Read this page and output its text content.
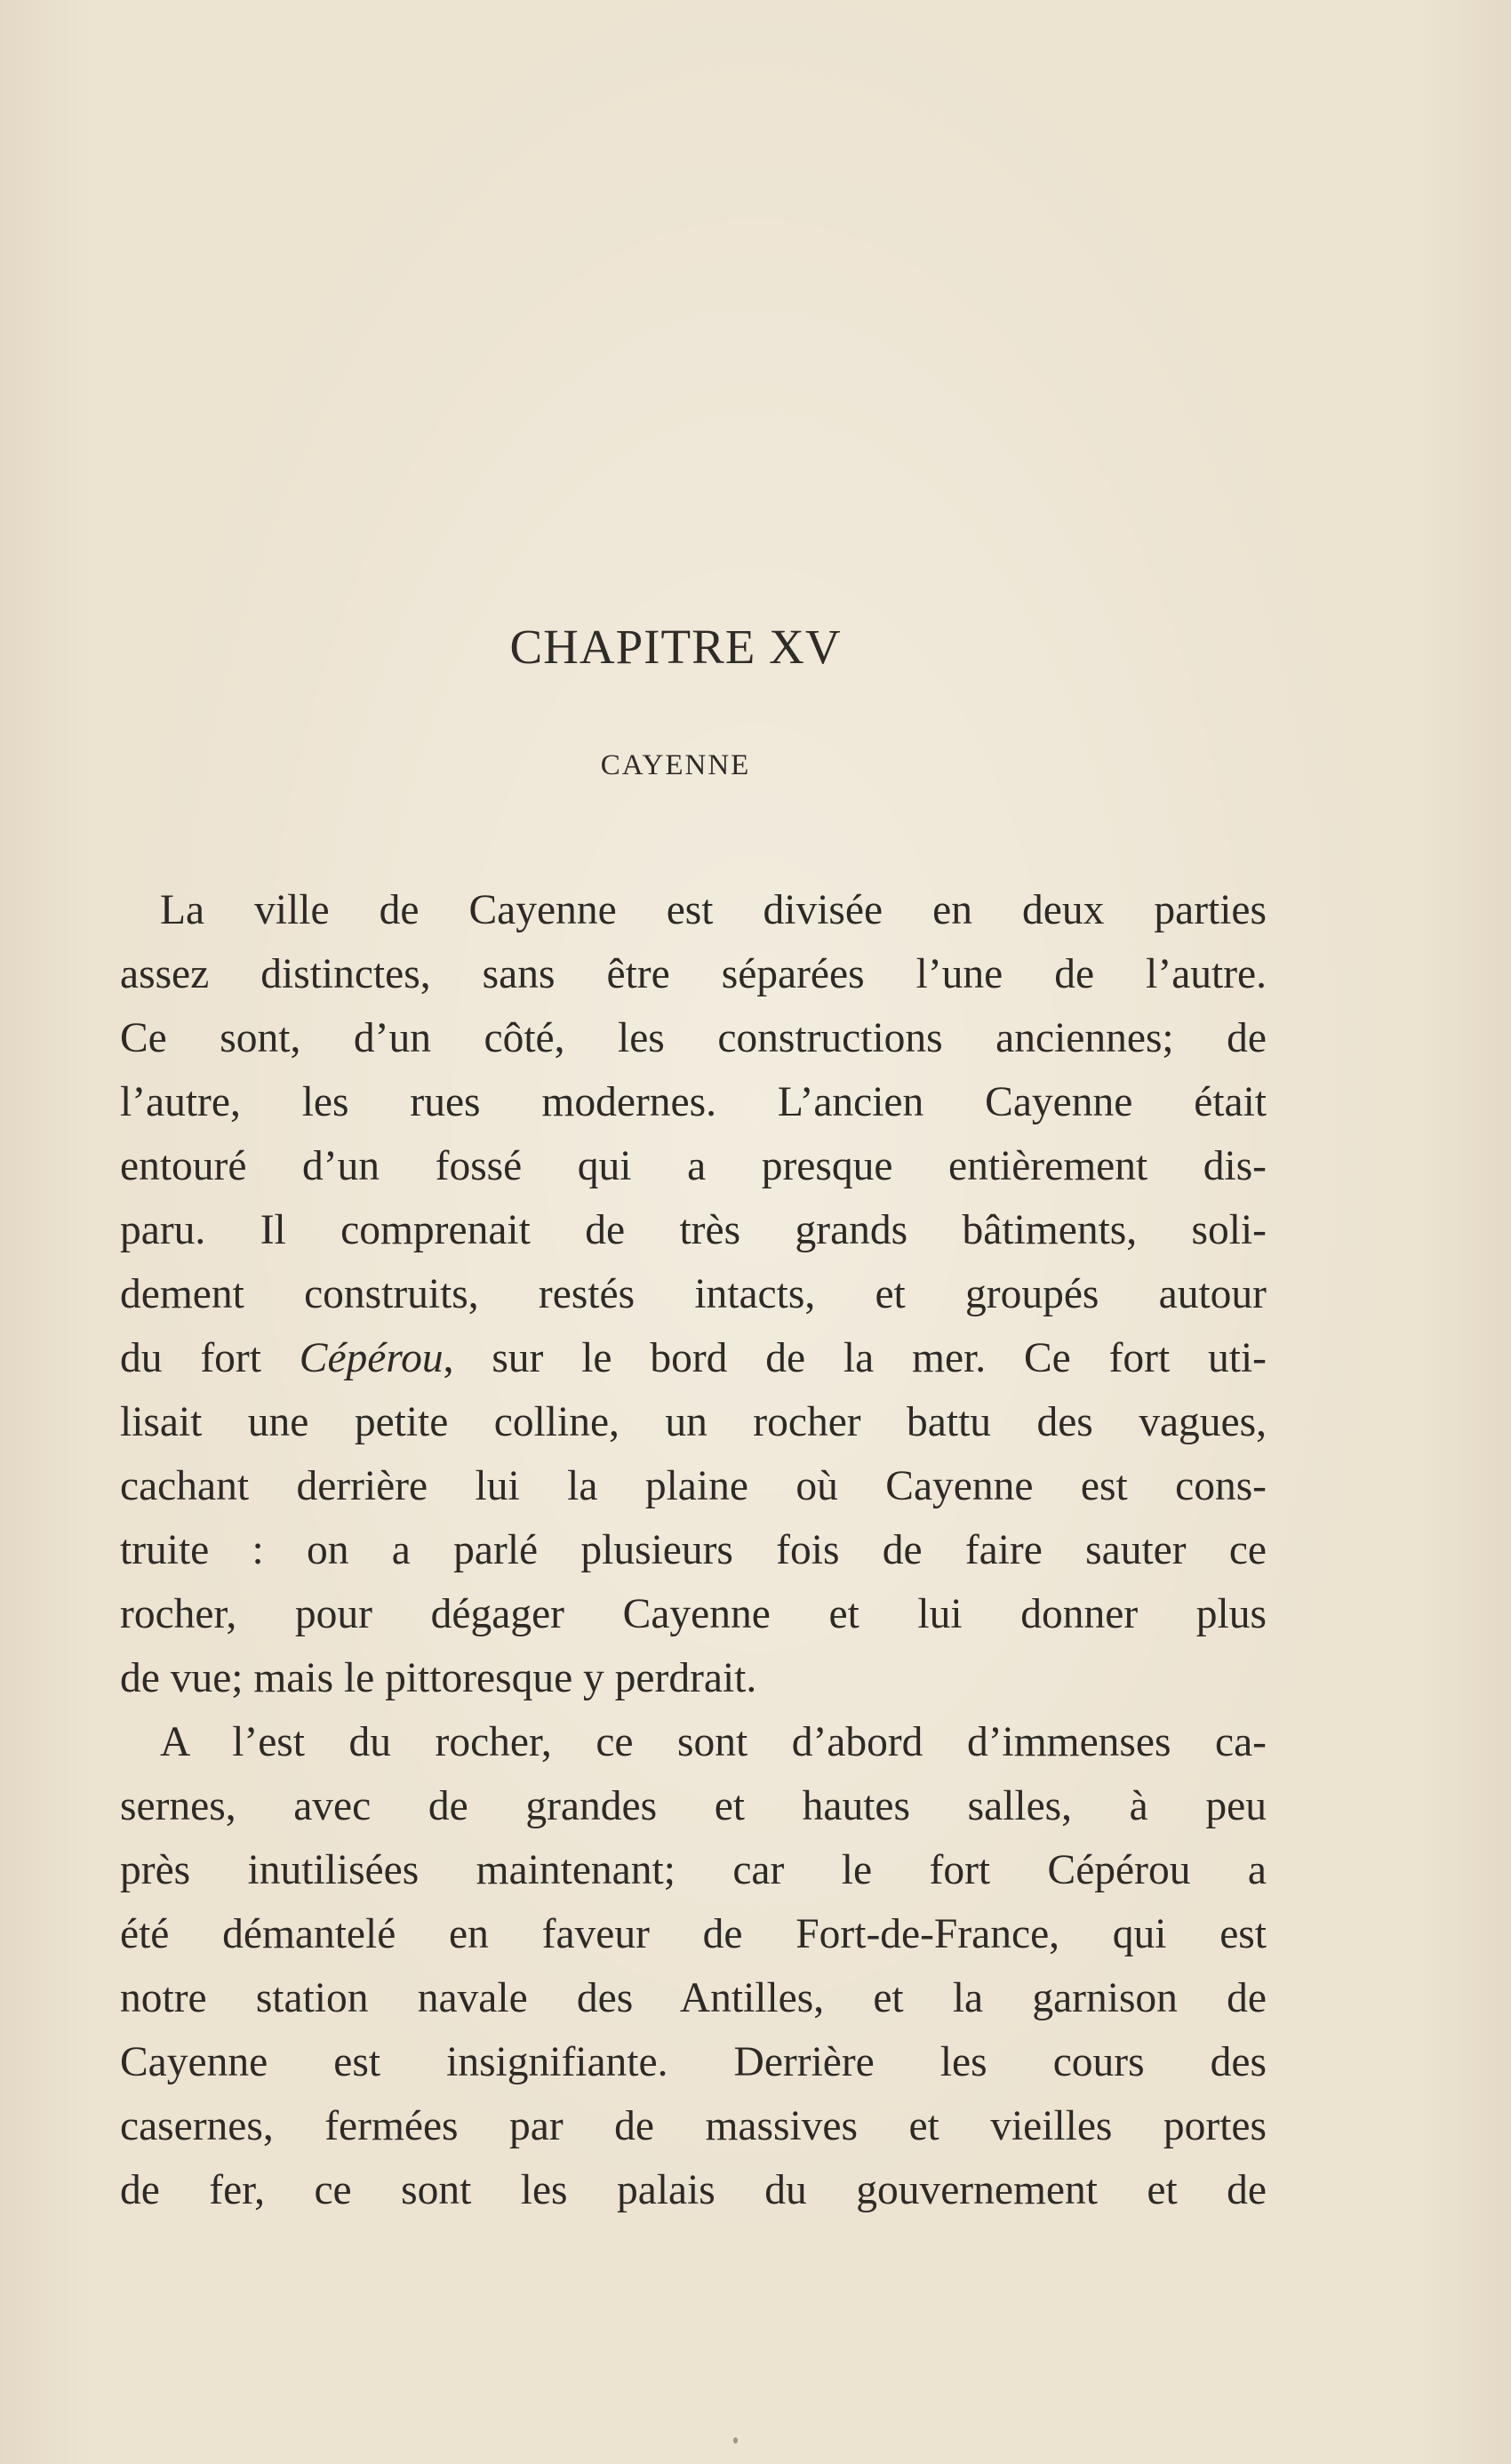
CHAPITRE XV
CAYENNE
La ville de Cayenne est divisée en deux parties
assez distinctes, sans être séparées l’une de l’autre.
Ce sont, d’un côté, les constructions anciennes; de
l’autre, les rues modernes. L’ancien Cayenne était
entouré d’un fossé qui a presque entièrement dis-
paru. Il comprenait de très grands bâtiments, soli-
dement construits, restés intacts, et groupés autour
du fort Cépérou, sur le bord de la mer. Ce fort uti-
lisait une petite colline, un rocher battu des vagues,
cachant derrière lui la plaine où Cayenne est cons-
truite : on a parlé plusieurs fois de faire sauter ce
rocher, pour dégager Cayenne et lui donner plus
de vue; mais le pittoresque y perdrait.
A l’est du rocher, ce sont d’abord d’immenses ca-
sernes, avec de grandes et hautes salles, à peu
près inutilisées maintenant; car le fort Cépérou a
été démantelé en faveur de Fort-de-France, qui est
notre station navale des Antilles, et la garnison de
Cayenne est insignifiante. Derrière les cours des
casernes, fermées par de massives et vieilles portes
de fer, ce sont les palais du gouvernement et de
